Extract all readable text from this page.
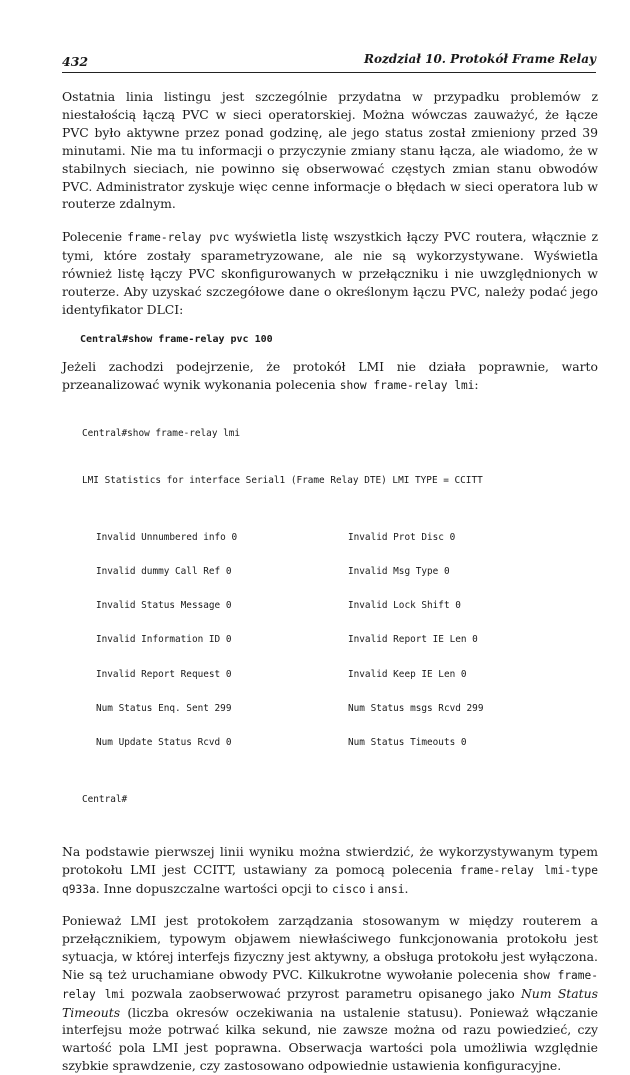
432	Rozdział 10. Protokół Frame Relay

Ostatnia linia listingu jest szczególnie przydatna w przypadku problemów z niestałością łączą PVC w sieci operatorskiej. Można wówczas zauważyć, że łącze PVC było aktywne przez ponad godzinę, ale jego status został zmieniony przed 39 minutami. Nie ma tu informacji o przyczynie zmiany stanu łącza, ale wiadomo, że w stabilnych sieciach, nie powinno się obserwować częstych zmian stanu obwodów PVC. Administrator zyskuje więc cenne informacje o błędach w sieci operatora lub w routerze zdalnym.

Polecenie frame-relay pvc wyświetla listę wszystkich łączy PVC routera, włącznie z tymi, które zostały sparametryzowane, ale nie są wykorzystywane. Wyświetla również listę łączy PVC skonfigurowanych w przełączniku i nie uwzględnionych w routerze. Aby uzyskać szczegółowe dane o określonym łączu PVC, należy podać jego identyfikator DLCI:

Central#show frame-relay pvc 100

Jeżeli zachodzi podejrzenie, że protokół LMI nie działa poprawnie, warto przeanalizować wynik wykonania polecenia show frame-relay lmi:

Central#show frame-relay lmi

LMI Statistics for interface Serial1 (Frame Relay DTE) LMI TYPE = CCITT

Invalid Unnumbered info 0

Invalid dummy Call Ref 0

Invalid Status Message 0

Invalid Information ID 0

Invalid Report Request 0

Num Status Enq. Sent 299

Num Update Status Rcvd 0

Invalid Prot Disc 0

Invalid Msg Type 0

Invalid Lock Shift 0

Invalid Report IE Len 0

Invalid Keep IE Len 0

Num Status msgs Rcvd 299

Num Status Timeouts 0

Central#

Na podstawie pierwszej linii wyniku można stwierdzić, że wykorzystywanym typem protokołu LMI jest CCITT, ustawiany za pomocą polecenia frame-relay lmi-type q933a. Inne dopuszczalne wartości opcji to cisco i ansi.

Ponieważ LMI jest protokołem zarządzania stosowanym w między routerem a przełącznikiem, typowym objawem niewłaściwego funkcjonowania protokołu jest sytuacja, w której interfejs fizyczny jest aktywny, a obsługa protokołu jest wyłączona. Nie są też uruchamiane obwody PVC. Kilkukrotne wywołanie polecenia show frame-relay lmi pozwala zaobserwować przyrost parametru opisanego jako Num Status Timeouts (liczba okresów oczekiwania na ustalenie statusu). Ponieważ włączanie interfejsu może potrwać kilka sekund, nie zawsze można od razu powiedzieć, czy wartość pola LMI jest poprawna. Obserwacja wartości pola umożliwia względnie szybkie sprawdzenie, czy zastosowano odpowiednie ustawienia konfiguracyjne.
